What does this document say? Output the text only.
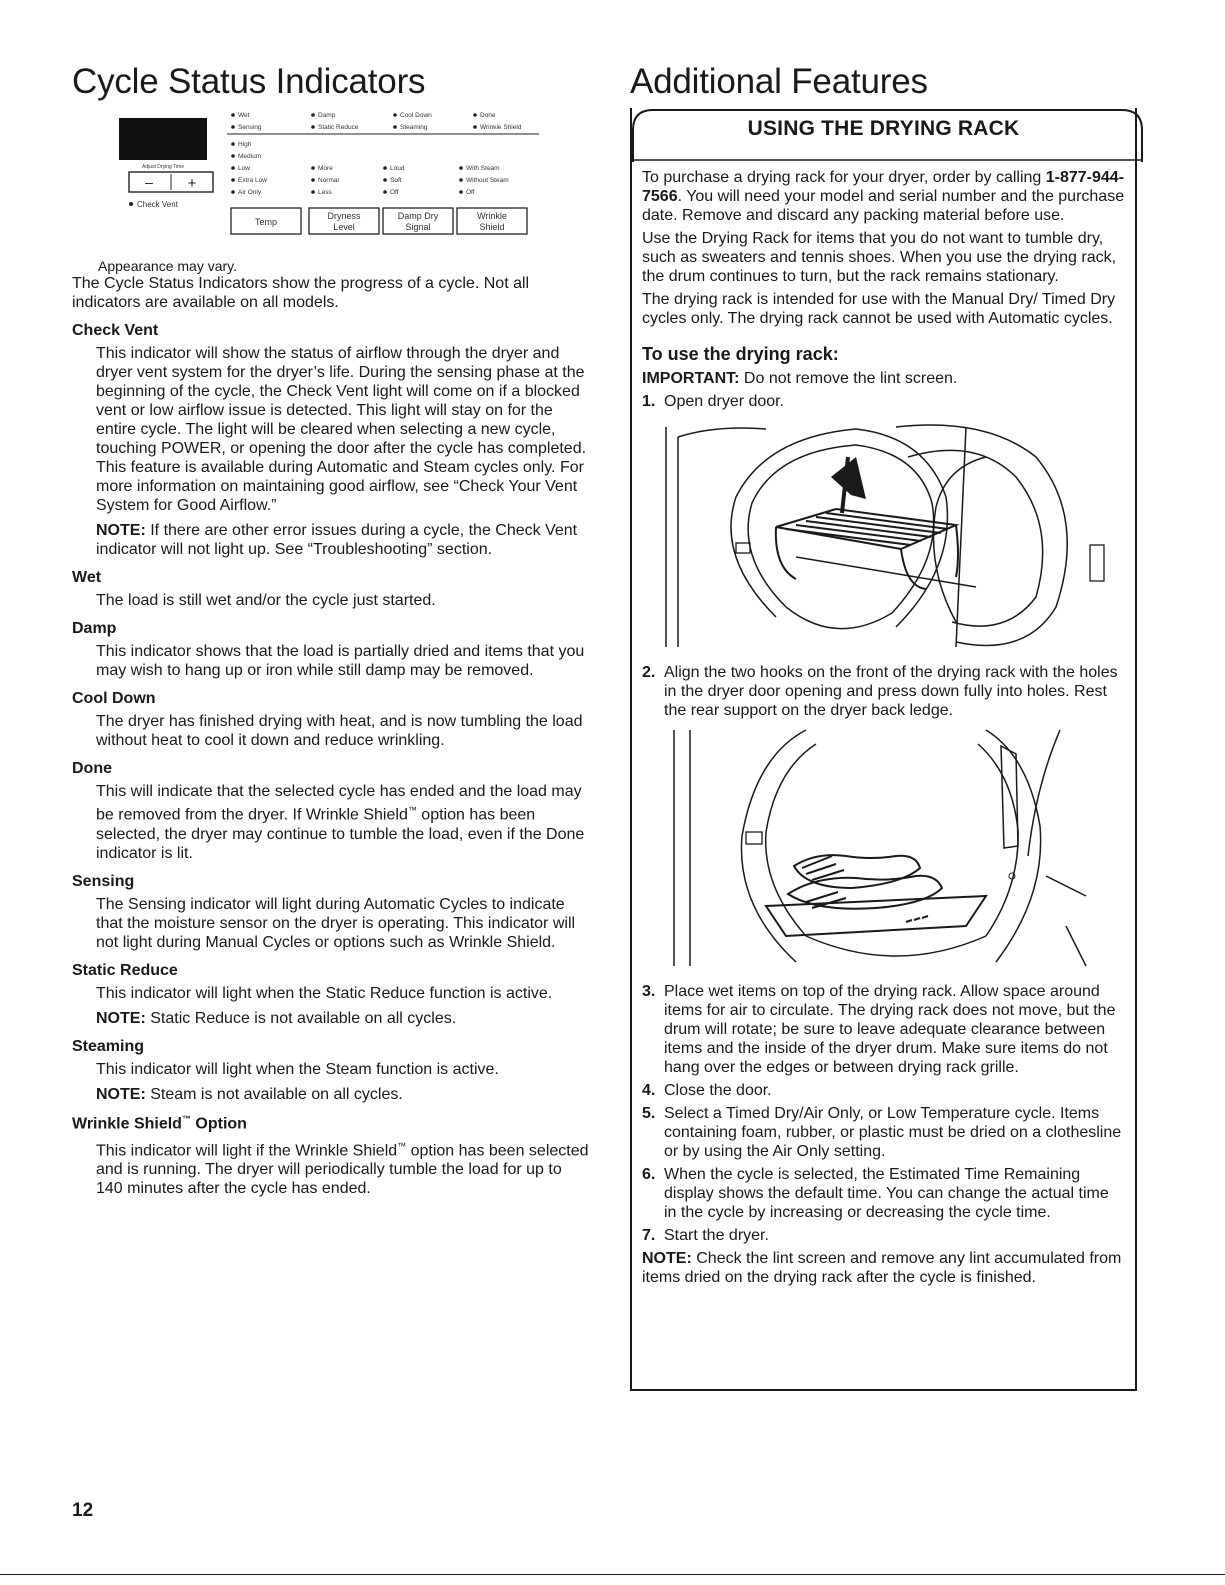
Cycle Status Indicators
Adjust Drying Time
– +
Check Vent
Wet	Damp	Cool Down	Done
Sensing	Static Reduce	Steaming	Wrinkle Shield
High
Medium
Low
Extra Low
Air Only
More
Normal
Less
Loud
Soft
Off
With Steam
Without Steam
Off
Temp
Dryness
Level
Damp Dry
Signal
Wrinkle
Shield
Appearance may vary.

The Cycle Status Indicators show the progress of a cycle. Not all indicators are available on all models.

Check Vent

This indicator will show the status of airflow through the dryer and dryer vent system for the dryer’s life. During the sensing phase at the beginning of the cycle, the Check Vent light will come on if a blocked vent or low airflow issue is detected. This light will stay on for the entire cycle. The light will be cleared when selecting a new cycle, touching POWER, or opening the door after the cycle has completed. This feature is available during Automatic and Steam cycles only. For more information on maintaining good airflow, see “Check Your Vent System for Good Airflow.”

NOTE: If there are other error issues during a cycle, the Check Vent indicator will not light up. See “Troubleshooting” section.

Wet

The load is still wet and/or the cycle just started.

Damp

This indicator shows that the load is partially dried and items that you may wish to hang up or iron while still damp may be removed.

Cool Down

The dryer has finished drying with heat, and is now tumbling the load without heat to cool it down and reduce wrinkling.

Done

This will indicate that the selected cycle has ended and the load may be removed from the dryer. If Wrinkle Shield™ option has been selected, the dryer may continue to tumble the load, even if the Done indicator is lit.

Sensing

The Sensing indicator will light during Automatic Cycles to indicate that the moisture sensor on the dryer is operating. This indicator will not light during Manual Cycles or options such as Wrinkle Shield.

Static Reduce

This indicator will light when the Static Reduce function is active.

NOTE: Static Reduce is not available on all cycles.

Steaming

This indicator will light when the Steam function is active.

NOTE: Steam is not available on all cycles.

Wrinkle Shield™ Option

This indicator will light if the Wrinkle Shield™ option has been selected and is running. The dryer will periodically tumble the load for up to 140 minutes after the cycle has ended.

Additional Features
USING THE DRYING RACK

To purchase a drying rack for your dryer, order by calling 1-877-944-7566. You will need your model and serial number and the purchase date. Remove and discard any packing material before use.

Use the Drying Rack for items that you do not want to tumble dry, such as sweaters and tennis shoes. When you use the drying rack, the drum continues to turn, but the rack remains stationary.

The drying rack is intended for use with the Manual Dry/ Timed Dry cycles only. The drying rack cannot be used with Automatic cycles.

To use the drying rack:

IMPORTANT: Do not remove the lint screen.

1. Open dryer door.
2. Align the two hooks on the front of the drying rack with the holes in the dryer door opening and press down fully into holes. Rest the rear support on the dryer back ledge.
3. Place wet items on top of the drying rack. Allow space around items for air to circulate. The drying rack does not move, but the drum will rotate; be sure to leave adequate clearance between items and the inside of the dryer drum. Make sure items do not hang over the edges or between drying rack grille.
4. Close the door.
5. Select a Timed Dry/Air Only, or Low Temperature cycle. Items containing foam, rubber, or plastic must be dried on a clothesline or by using the Air Only setting.
6. When the cycle is selected, the Estimated Time Remaining display shows the default time. You can change the actual time in the cycle by increasing or decreasing the cycle time.
7. Start the dryer.

NOTE: Check the lint screen and remove any lint accumulated from items dried on the drying rack after the cycle is finished.

12
